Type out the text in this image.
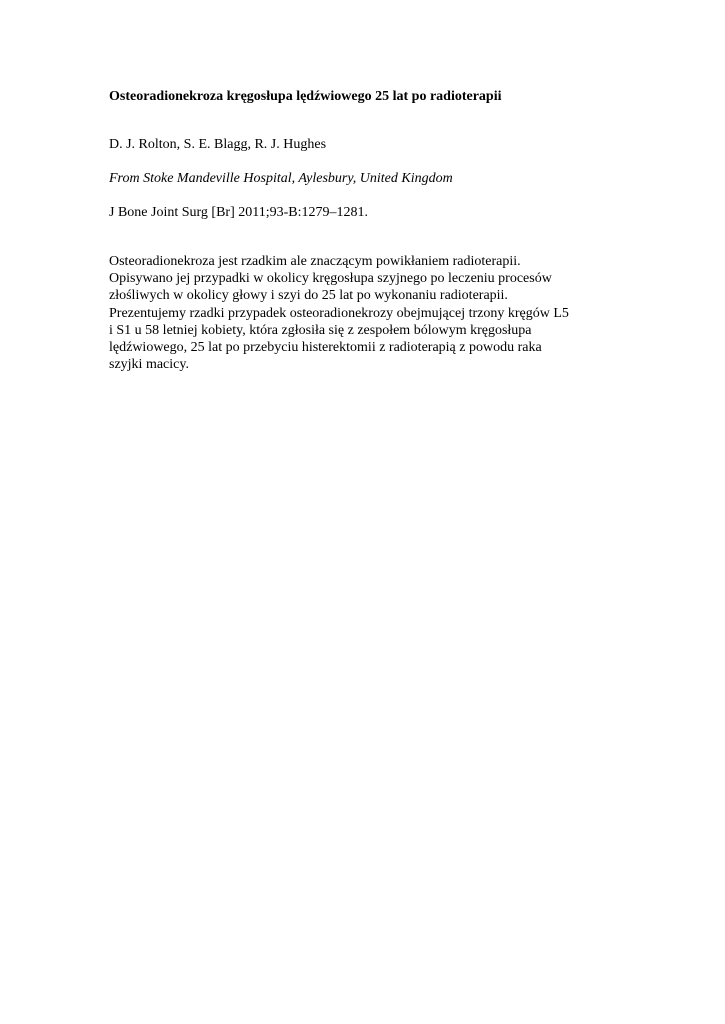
Osteoradionekroza kręgosłupa lędźwiowego 25 lat po radioterapii

D. J. Rolton, S. E. Blagg, R. J. Hughes

From Stoke Mandeville Hospital, Aylesbury, United Kingdom

J Bone Joint Surg [Br] 2011;93-B:1279–1281.

Osteoradionekroza jest rzadkim ale znaczącym powikłaniem radioterapii.
Opisywano jej przypadki w okolicy kręgosłupa szyjnego po leczeniu procesów
złośliwych w okolicy głowy i szyi do 25 lat po wykonaniu radioterapii.
Prezentujemy rzadki przypadek osteoradionekrozy obejmującej trzony kręgów L5
i S1 u 58 letniej kobiety, która zgłosiła się z zespołem bólowym kręgosłupa
lędźwiowego, 25 lat po przebyciu histerektomii z radioterapią z powodu raka
szyjki macicy.
